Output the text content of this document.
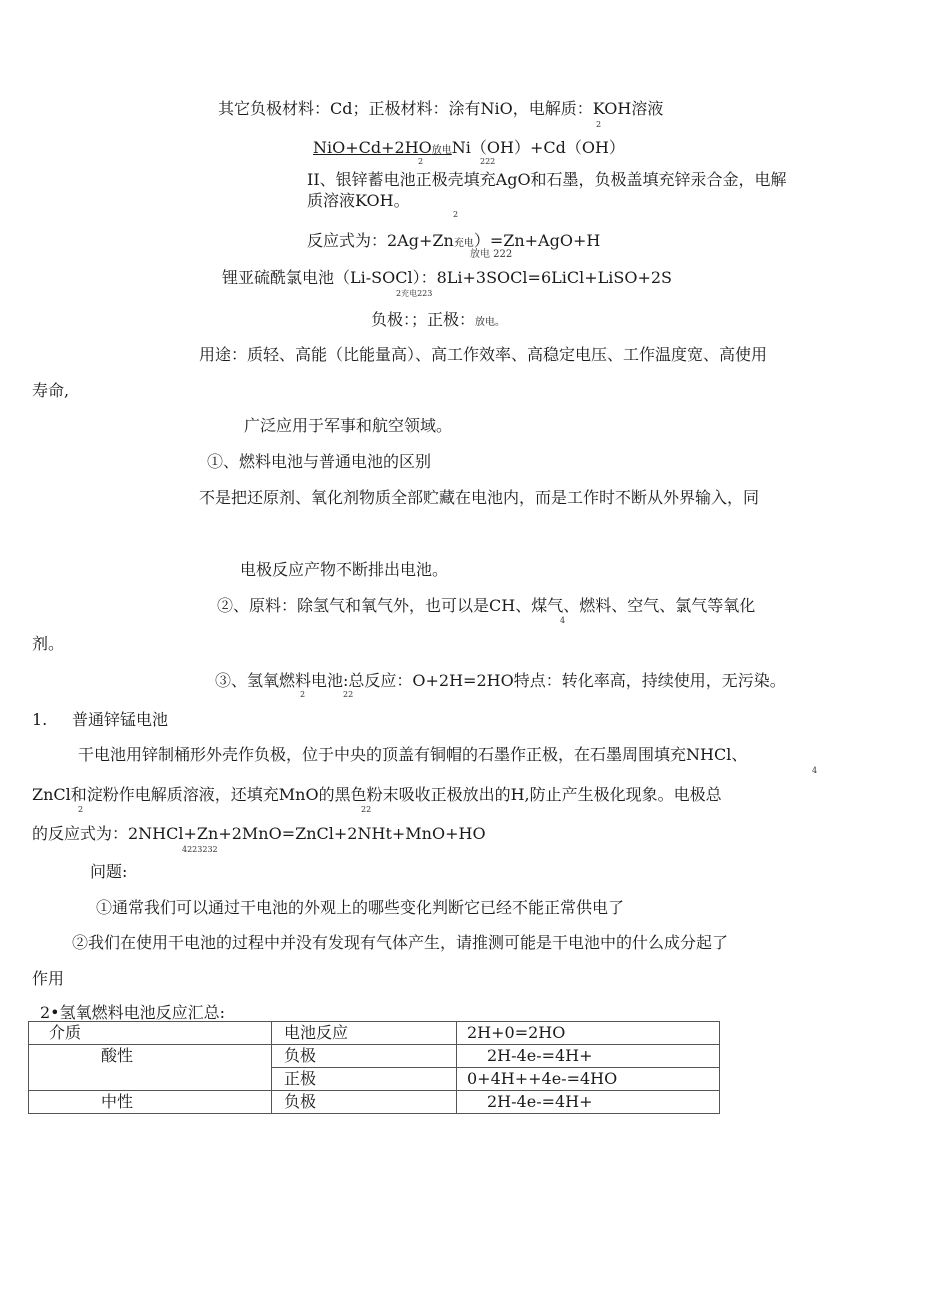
其它负极材料：Cd；正极材料：涂有NiO，电解质：KOH溶液
2
NiO+Cd+2HO放电Ni（OH）+Cd（OH）
2	222
II、银锌蓄电池正极壳填充AgO和石墨，负极盖填充锌汞合金，电解
质溶液KOH。
2
反应式为：2Ag+Zn充电）=Zn+AgO+H
放电 222
锂亚硫酰氯电池（Li-SOCl）：8Li+3SOCl=6LiCl+LiSO+2S
2充电223
负极：；正极：放电。
用途：质轻、高能（比能量高）、高工作效率、高稳定电压、工作温度宽、高使用
寿命,
广泛应用于军事和航空领域。
①、燃料电池与普通电池的区别
不是把还原剂、氧化剂物质全部贮藏在电池内，而是工作时不断从外界输入，同
电极反应产物不断排出电池。
②、原料：除氢气和氧气外，也可以是CH、煤气、燃料、空气、氯气等氧化
4
剂。
③、氢氧燃料电池:总反应：O+2H=2HO特点：转化率高，持续使用，无污染。
2	22
1. 普通锌锰电池
干电池用锌制桶形外壳作负极，位于中央的顶盖有铜帽的石墨作正极，在石墨周围填充NHCl、
4
ZnCl和淀粉作电解质溶液，还填充MnO的黑色粉末吸收正极放出的H,防止产生极化现象。电极总
2	22
的反应式为：2NHCl+Zn+2MnO=ZnCl+2NHt+MnO+HO
4223232
问题:
①通常我们可以通过干电池的外观上的哪些变化判断它已经不能正常供电了
②我们在使用干电池的过程中并没有发现有气体产生，请推测可能是干电池中的什么成分起了
作用
2•氢氧燃料电池反应汇总:
介质	电池反应	2H+0=2HO
酸性	负极	2H-4e-=4H+
	正极	0+4H++4e-=4HO
中性	负极	2H-4e-=4H+
